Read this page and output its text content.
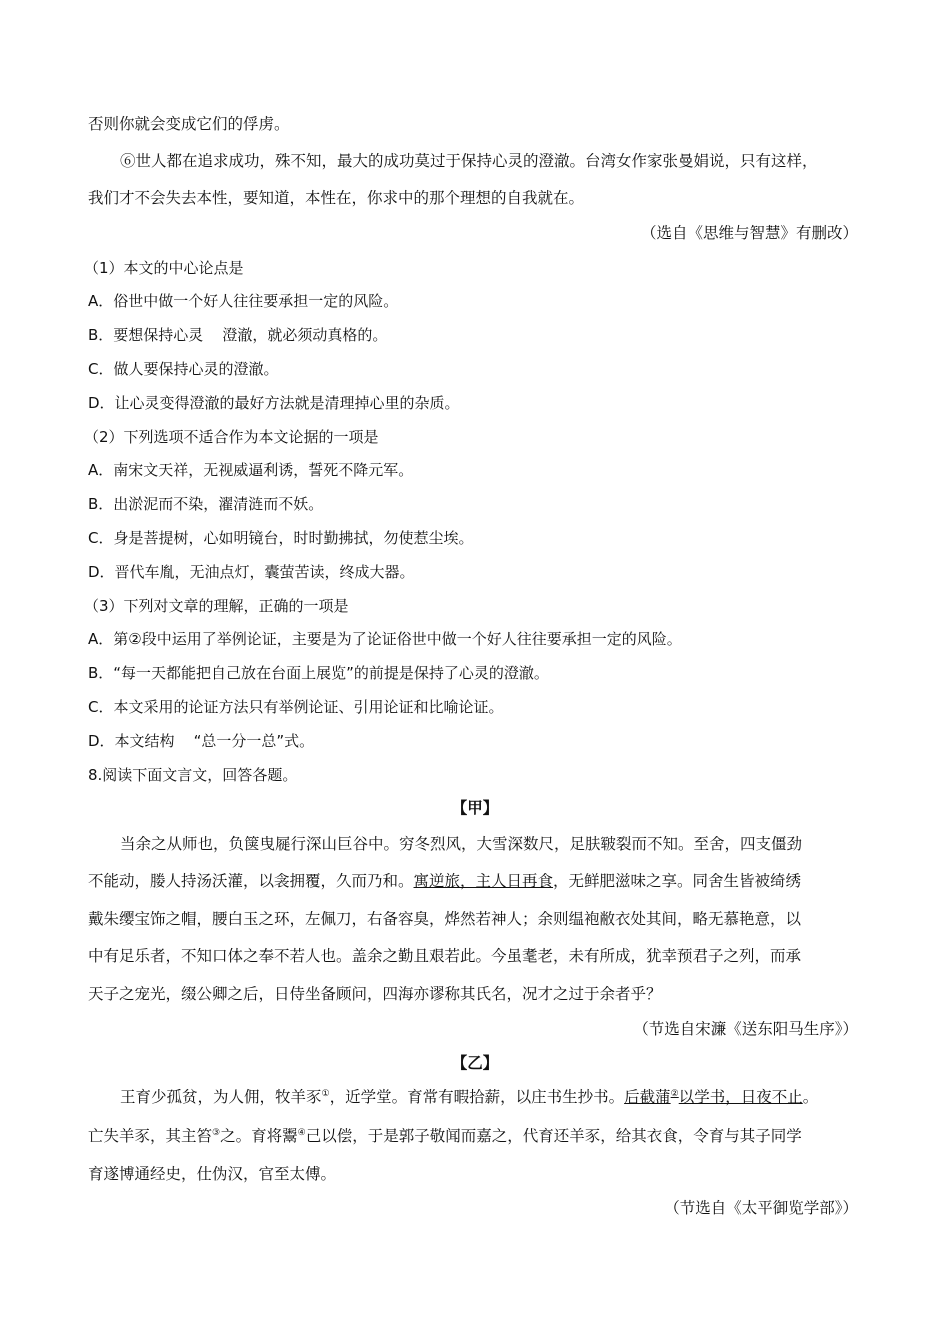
否则你就会变成它们的俘虏。
⑥世人都在追求成功，殊不知，最大的成功莫过于保持心灵的澄澈。台湾女作家张曼娟说，只有这样，
我们才不会失去本性，要知道，本性在，你求中的那个理想的自我就在。
（选自《思维与智慧》有删改）
（1）本文的中心论点是
A．俗世中做一个好人往往要承担一定的风险。
B．要想保持心灵    澄澈，就必须动真格的。
C．做人要保持心灵的澄澈。
D．让心灵变得澄澈的最好方法就是清理掉心里的杂质。
（2）下列选项不适合作为本文论据的一项是
A．南宋文天祥，无视威逼利诱，誓死不降元军。
B．出淤泥而不染，濯清涟而不妖。
C．身是菩提树，心如明镜台，时时勤拂拭，勿使惹尘埃。
D．晋代车胤，无油点灯，囊萤苦读，终成大器。
（3）下列对文章的理解，正确的一项是
A．第②段中运用了举例论证，主要是为了论证俗世中做一个好人往往要承担一定的风险。
B．“每一天都能把自己放在台面上展览”的前提是保持了心灵的澄澈。
C．本文采用的论证方法只有举例论证、引用论证和比喻论证。
D．本文结构    “总一分一总”式。
8.阅读下面文言文，回答各题。
【甲】
当余之从师也，负箧曳屣行深山巨谷中。穷冬烈风，大雪深数尺，足肤皲裂而不知。至舍，四支僵劲
不能动，媵人持汤沃灌，以衾拥覆，久而乃和。寓逆旅，主人日再食，无鲜肥滋味之享。同舍生皆被绮绣
戴朱缨宝饰之帽，腰白玉之环，左佩刀，右备容臭，烨然若神人；余则缊袍敝衣处其间，略无慕艳意，以
中有足乐者，不知口体之奉不若人也。盖余之勤且艰若此。今虽耄老，未有所成，犹幸预君子之列，而承
天子之宠光，缀公卿之后，日侍坐备顾问，四海亦谬称其氏名，况才之过于余者乎？
（节选自宋濂《送东阳马生序》）
【乙】
王育少孤贫，为人佣，牧羊豕①，近学堂。育常有暇拾薪，以庄书生抄书。后截蒲②以学书，日夜不止。
亡失羊豕，其主笞③之。育将鬻④己以偿，于是郭子敬闻而嘉之，代育还羊豕，给其衣食，令育与其子同学
育遂博通经史，仕伪汉，官至太傅。
（节选自《太平御览学部》）
